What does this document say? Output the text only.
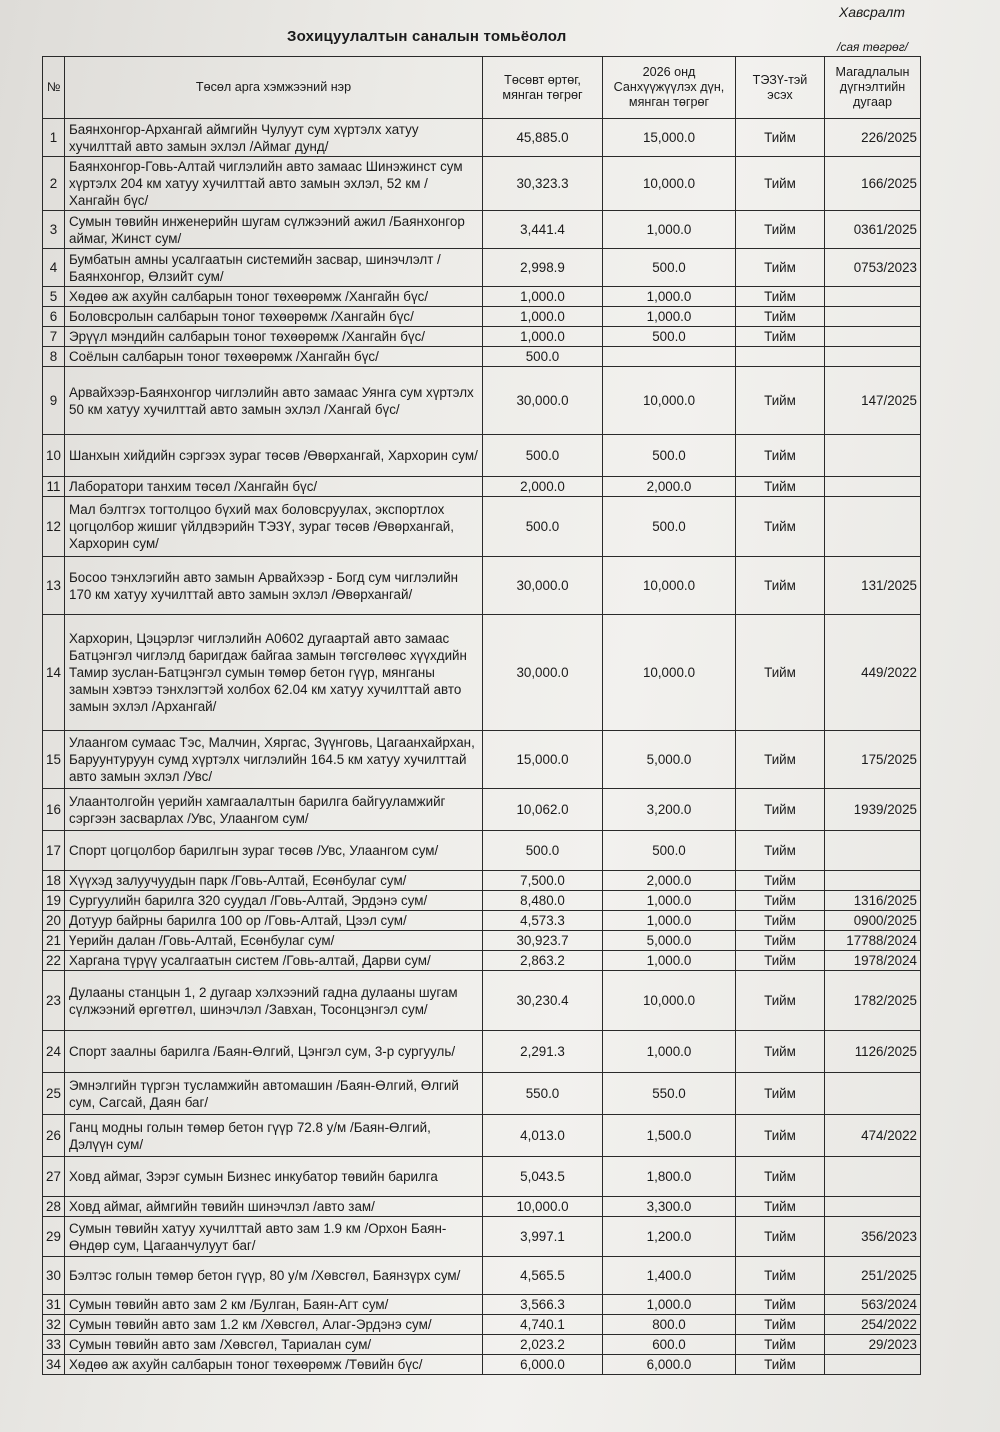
Хавсралт
Зохицуулалтын саналын томьёолол
/сая төгрөг/
№	Төсөл арга хэмжээний нэр	Төсөвт өртөг, мянган төгрөг	2026 онд Санхүүжүүлэх дүн, мянган төгрөг	ТЭЗҮ-тэй эсэх	Магадлалын дүгнэлтийн дугаар
1	Баянхонгор-Архангай аймгийн Чулуут сум хүртэлх хатуу хучилттай авто замын эхлэл /Аймаг дунд/	45,885.0	15,000.0	Тийм	226/2025
2	Баянхонгор-Говь-Алтай чиглэлийн авто замаас Шинэжинст сум хүртэлх 204 км хатуу хучилттай авто замын эхлэл, 52 км /Хангайн бүс/	30,323.3	10,000.0	Тийм	166/2025
3	Сумын төвийн инженерийн шугам сүлжээний ажил /Баянхонгор аймаг, Жинст сум/	3,441.4	1,000.0	Тийм	0361/2025
4	Бумбатын амны усалгаатын системийн засвар, шинэчлэлт /Баянхонгор, Өлзийт сум/	2,998.9	500.0	Тийм	0753/2023
5	Хөдөө аж ахуйн салбарын тоног төхөөрөмж /Хангайн бүс/	1,000.0	1,000.0	Тийм	
6	Боловсролын салбарын тоног төхөөрөмж /Хангайн бүс/	1,000.0	1,000.0	Тийм	
7	Эрүүл мэндийн салбарын тоног төхөөрөмж /Хангайн бүс/	1,000.0	500.0	Тийм	
8	Соёлын салбарын тоног төхөөрөмж /Хангайн бүс/	500.0			
9	Арвайхээр-Баянхонгор чиглэлийн авто замаас Уянга сум хүртэлх 50 км хатуу хучилттай авто замын эхлэл /Хангай бүс/	30,000.0	10,000.0	Тийм	147/2025
10	Шанхын хийдийн сэргээх зураг төсөв /Өвөрхангай, Хархорин сум/	500.0	500.0	Тийм	
11	Лаборатори танхим төсөл /Хангайн бүс/	2,000.0	2,000.0	Тийм	
12	Мал бэлтгэх тогтолцоо бүхий мах боловсруулах, экспортлох цогцолбор жишиг үйлдвэрийн ТЭЗҮ, зураг төсөв /Өвөрхангай, Хархорин сум/	500.0	500.0	Тийм	
13	Босоо тэнхлэгийн авто замын Арвайхээр - Богд сум чиглэлийн 170 км хатуу хучилттай авто замын эхлэл /Өвөрхангай/	30,000.0	10,000.0	Тийм	131/2025
14	Хархорин, Цэцэрлэг чиглэлийн А0602 дугаартай авто замаас Батцэнгэл чиглэлд баригдаж байгаа замын төгсгөлөөс хүүхдийн Тамир зуслан-Батцэнгэл сумын төмөр бетон гүүр, мянганы замын хэвтээ тэнхлэгтэй холбох 62.04 км хатуу хучилттай авто замын эхлэл /Архангай/	30,000.0	10,000.0	Тийм	449/2022
15	Улаангом сумаас Тэс, Малчин, Хяргас, Зүүнговь, Цагаанхайрхан, Баруунтуруун сумд хүртэлх чиглэлийн 164.5 км хатуу хучилттай авто замын эхлэл /Увс/	15,000.0	5,000.0	Тийм	175/2025
16	Улаантолгойн үерийн хамгаалалтын барилга байгууламжийг сэргээн засварлах /Увс, Улаангом сум/	10,062.0	3,200.0	Тийм	1939/2025
17	Спорт цогцолбор барилгын зураг төсөв /Увс, Улаангом сум/	500.0	500.0	Тийм	
18	Хүүхэд залуучуудын парк /Говь-Алтай, Есөнбулаг сум/	7,500.0	2,000.0	Тийм	
19	Сургуулийн барилга 320 суудал /Говь-Алтай, Эрдэнэ сум/	8,480.0	1,000.0	Тийм	1316/2025
20	Дотуур байрны барилга 100 ор /Говь-Алтай, Цээл сум/	4,573.3	1,000.0	Тийм	0900/2025
21	Үерийн далан /Говь-Алтай, Есөнбулаг сум/	30,923.7	5,000.0	Тийм	17788/2024
22	Харгана түрүү усалгаатын систем /Говь-алтай, Дарви сум/	2,863.2	1,000.0	Тийм	1978/2024
23	Дулааны станцын 1, 2 дугаар хэлхээний гадна дулааны шугам сүлжээний өргөтгөл, шинэчлэл /Завхан, Тосонцэнгэл сум/	30,230.4	10,000.0	Тийм	1782/2025
24	Спорт заалны барилга /Баян-Өлгий, Цэнгэл сум, 3-р сургууль/	2,291.3	1,000.0	Тийм	1126/2025
25	Эмнэлгийн түргэн тусламжийн автомашин /Баян-Өлгий, Өлгий сум, Сагсай, Даян баг/	550.0	550.0	Тийм	
26	Ганц модны голын төмөр бетон гүүр 72.8 у/м /Баян-Өлгий, Дэлүүн сум/	4,013.0	1,500.0	Тийм	474/2022
27	Ховд аймаг, Зэрэг сумын Бизнес инкубатор төвийн барилга	5,043.5	1,800.0	Тийм	
28	Ховд аймаг, аймгийн төвийн шинэчлэл /авто зам/	10,000.0	3,300.0	Тийм	
29	Сумын төвийн хатуу хучилттай авто зам 1.9 км /Орхон Баян-Өндөр сум, Цагаанчулуут баг/	3,997.1	1,200.0	Тийм	356/2023
30	Бэлтэс голын төмөр бетон гүүр, 80 у/м /Хөвсгөл, Баянзүрх сум/	4,565.5	1,400.0	Тийм	251/2025
31	Сумын төвийн авто зам 2 км /Булган, Баян-Агт сум/	3,566.3	1,000.0	Тийм	563/2024
32	Сумын төвийн авто зам 1.2 км /Хөвсгөл, Алаг-Эрдэнэ сум/	4,740.1	800.0	Тийм	254/2022
33	Сумын төвийн авто зам /Хөвсгөл, Тариалан сум/	2,023.2	600.0	Тийм	29/2023
34	Хөдөө аж ахуйн салбарын тоног төхөөрөмж /Төвийн бүс/	6,000.0	6,000.0	Тийм	
